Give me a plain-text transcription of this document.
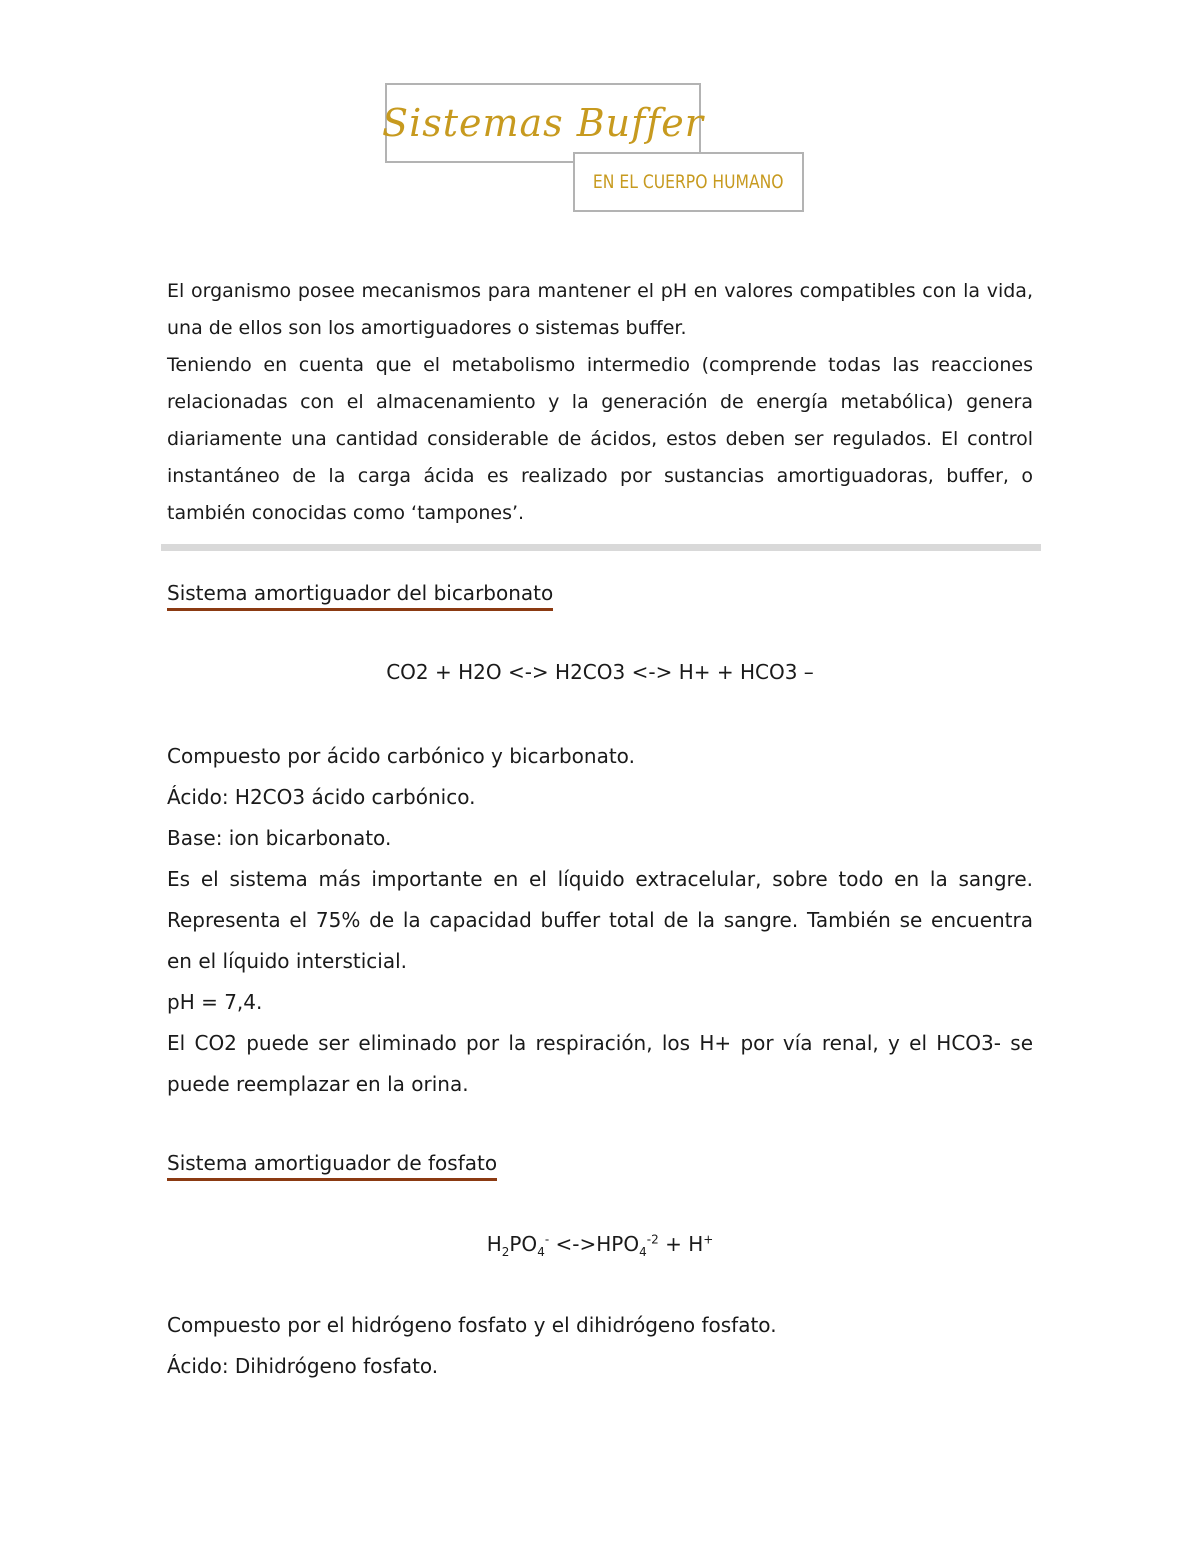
Sistemas Buffer
EN EL CUERPO HUMANO

El organismo posee mecanismos para mantener el pH en valores compatibles con la vida, una de ellos son los amortiguadores o sistemas buffer.

Teniendo en cuenta que el metabolismo intermedio (comprende todas las reacciones relacionadas con el almacenamiento y la generación de energía metabólica) genera diariamente una cantidad considerable de ácidos, estos deben ser regulados. El control instantáneo de la carga ácida es realizado por sustancias amortiguadoras, buffer, o también conocidas como ‘tampones’.

Sistema amortiguador del bicarbonato
CO2 + H2O <-> H2CO3 <-> H+ + HCO3 –

Compuesto por ácido carbónico y bicarbonato.

Ácido: H2CO3 ácido carbónico.

Base: ion bicarbonato.

Es el sistema más importante en el líquido extracelular, sobre todo en la sangre. Representa el 75% de la capacidad buffer total de la sangre. También se encuentra en el líquido intersticial.

pH = 7,4.

El CO2 puede ser eliminado por la respiración, los H+ por vía renal, y el HCO3- se puede reemplazar en la orina.

Sistema amortiguador de fosfato
$H_2PO_4^- <->HPO_4^{-2} + H^+$

Compuesto por el hidrógeno fosfato y el dihidrógeno fosfato.

Ácido: Dihidrógeno fosfato.
